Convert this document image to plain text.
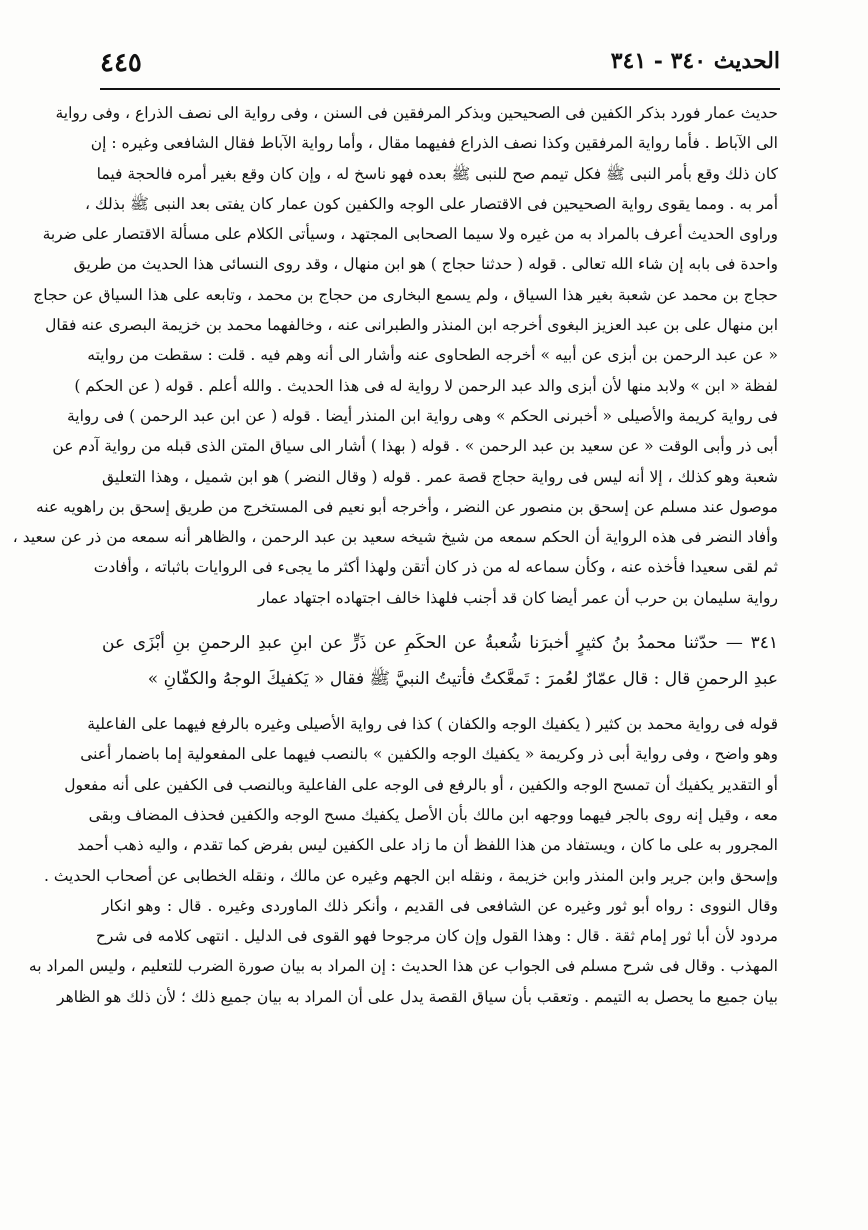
الحديث ٣٤٠ - ٣٤١
٤٤٥
حديث عمار فورد بذكر الكفين فى الصحيحين وبذكر المرفقين فى السنن ، وفى رواية الى نصف الذراع ، وفى رواية
الى الآباط . فأما رواية المرفقين وكذا نصف الذراع ففيهما مقال ، وأما رواية الآباط فقال الشافعى وغيره : إن
كان ذلك وقع بأمر النبى ﷺ فكل تيمم صح للنبى ﷺ بعده فهو ناسخ له ، وإن كان وقع بغير أمره فالحجة فيما
أمر به . ومما يقوى رواية الصحيحين فى الاقتصار على الوجه والكفين كون عمار كان يفتى بعد النبى ﷺ بذلك ،
وراوى الحديث أعرف بالمراد به من غيره ولا سيما الصحابى المجتهد ، وسيأتى الكلام على مسألة الاقتصار على ضربة
واحدة فى بابه إن شاء الله تعالى . قوله ( حدثنا حجاج ) هو ابن منهال ، وقد روى النسائى هذا الحديث من طريق
حجاج بن محمد عن شعبة بغير هذا السياق ، ولم يسمع البخارى من حجاج بن محمد ، وتابعه على هذا السياق عن حجاج
ابن منهال على بن عبد العزيز البغوى أخرجه ابن المنذر والطبرانى عنه ، وخالفهما محمد بن خزيمة البصرى عنه فقال
« عن عبد الرحمن بن أبزى عن أبيه » أخرجه الطحاوى عنه وأشار الى أنه وهم فيه . قلت : سقطت من روايته
لفظة « ابن » ولابد منها لأن أبزى والد عبد الرحمن لا رواية له فى هذا الحديث . والله أعلم . قوله ( عن الحكم )
فى رواية كريمة والأصيلى « أخبرنى الحكم » وهى رواية ابن المنذر أيضا . قوله ( عن ابن عبد الرحمن ) فى رواية
أبى ذر وأبى الوقت « عن سعيد بن عبد الرحمن » . قوله ( بهذا ) أشار الى سياق المتن الذى قبله من رواية آدم عن
شعبة وهو كذلك ، إلا أنه ليس فى رواية حجاج قصة عمر . قوله ( وقال النضر ) هو ابن شميل ، وهذا التعليق
موصول عند مسلم عن إسحق بن منصور عن النضر ، وأخرجه أبو نعيم فى المستخرج من طريق إسحق بن راهويه عنه
وأفاد النضر فى هذه الرواية أن الحكم سمعه من شيخ شيخه سعيد بن عبد الرحمن ، والظاهر أنه سمعه من ذر عن سعيد ،
ثم لقى سعيدا فأخذه عنه ، وكأن سماعه له من ذر كان أتقن ولهذا أكثر ما يجىء فى الروايات باثباته ، وأفادت
رواية سليمان بن حرب أن عمر أيضا كان قد أجنب فلهذا خالف اجتهاده اجتهاد عمار
٣٤١ — حدّثنا محمدُ بنُ كثيرٍ أخبرَنا شُعبةُ عن الحكَمِ عن ذَرٍّ عن ابنِ عبدِ الرحمنِ بنِ أبْزَى عن
عبدِ الرحمنِ قال : قال عمّارٌ لعُمرَ : تَمعَّكتُ فأتيتُ النبيَّ ﷺ فقال « يَكفيكَ الوجهُ والكفّانِ »
قوله فى رواية محمد بن كثير ( يكفيك الوجه والكفان ) كذا فى رواية الأصيلى وغيره بالرفع فيهما على الفاعلية
وهو واضح ، وفى رواية أبى ذر وكريمة « يكفيك الوجه والكفين » بالنصب فيهما على المفعولية إما باضمار أعنى
أو التقدير يكفيك أن تمسح الوجه والكفين ، أو بالرفع فى الوجه على الفاعلية وبالنصب فى الكفين على أنه مفعول
معه ، وقيل إنه روى بالجر فيهما ووجهه ابن مالك بأن الأصل يكفيك مسح الوجه والكفين فحذف المضاف وبقى
المجرور به على ما كان ، ويستفاد من هذا اللفظ أن ما زاد على الكفين ليس بفرض كما تقدم ، واليه ذهب أحمد
وإسحق وابن جرير وابن المنذر وابن خزيمة ، ونقله ابن الجهم وغيره عن مالك ، ونقله الخطابى عن أصحاب الحديث .
وقال النووى : رواه أبو ثور وغيره عن الشافعى فى القديم ، وأنكر ذلك الماوردى وغيره . قال : وهو انكار
مردود لأن أبا ثور إمام ثقة . قال : وهذا القول وإن كان مرجوحا فهو القوى فى الدليل . انتهى كلامه فى شرح
المهذب . وقال فى شرح مسلم فى الجواب عن هذا الحديث : إن المراد به بيان صورة الضرب للتعليم ، وليس المراد به
بيان جميع ما يحصل به التيمم . وتعقب بأن سياق القصة يدل على أن المراد به بيان جميع ذلك ؛ لأن ذلك هو الظاهر
